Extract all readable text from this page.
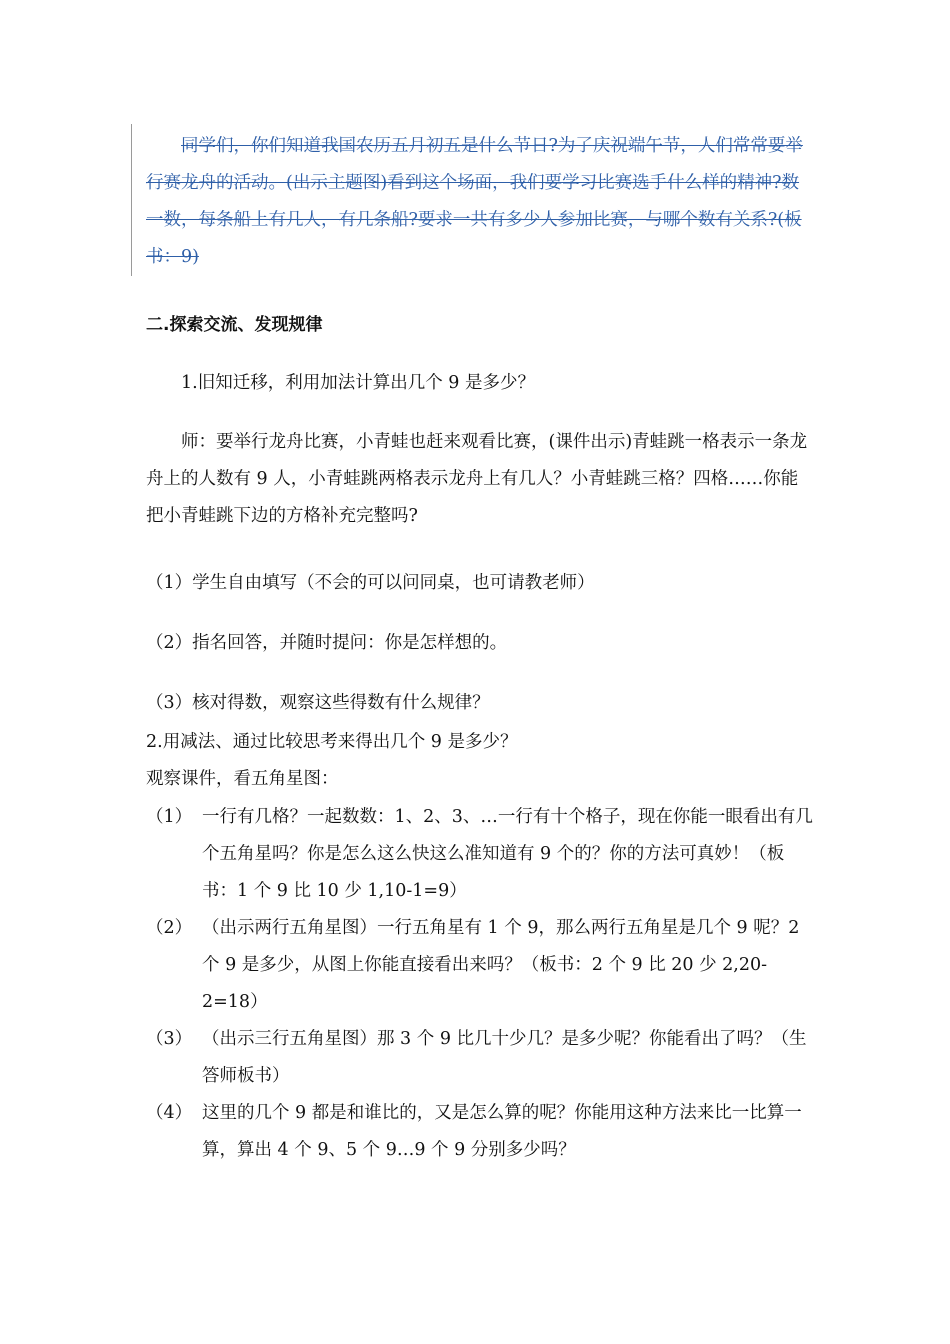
同学们，你们知道我国农历五月初五是什么节日?为了庆祝端午节，人们常常要举行赛龙舟的活动。(出示主题图)看到这个场面，我们要学习比赛选手什么样的精神?数一数，每条船上有几人，有几条船?要求一共有多少人参加比赛，与哪个数有关系?(板书：9)
二.探索交流、发现规律
1.旧知迁移，利用加法计算出几个 9 是多少？
师：要举行龙舟比赛，小青蛙也赶来观看比赛，(课件出示)青蛙跳一格表示一条龙舟上的人数有 9 人，小青蛙跳两格表示龙舟上有几人？小青蛙跳三格？四格……你能把小青蛙跳下边的方格补充完整吗?
（1）学生自由填写（不会的可以问同桌，也可请教老师）
（2）指名回答，并随时提问：你是怎样想的。
（3）核对得数，观察这些得数有什么规律？
2.用减法、通过比较思考来得出几个 9 是多少？
观察课件，看五角星图：
（1） 一行有几格？一起数数：1、2、3、…一行有十个格子，现在你能一眼看出有几个五角星吗？你是怎么这么快这么准知道有 9 个的？你的方法可真妙！（板书：1 个 9 比 10 少 1,10-1=9）
（2） （出示两行五角星图）一行五角星有 1 个 9，那么两行五角星是几个 9 呢？2 个 9 是多少，从图上你能直接看出来吗？（板书：2 个 9 比 20 少 2,20-2=18）
（3） （出示三行五角星图）那 3 个 9 比几十少几？是多少呢？你能看出了吗？（生答师板书）
（4） 这里的几个 9 都是和谁比的，又是怎么算的呢？你能用这种方法来比一比算一算，算出 4 个 9、5 个 9…9 个 9 分别多少吗？
